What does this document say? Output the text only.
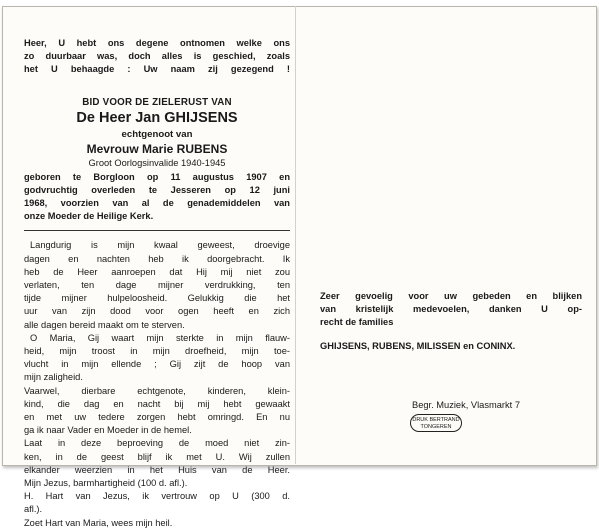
Heer, U hebt ons degene ontnomen welke ons

zo duurbaar was, doch alles is geschied, zoals

het U behaagde : Uw naam zij gezegend !

BID VOOR DE ZIELERUST VAN
De Heer Jan GHIJSENS
echtgenoot van
Mevrouw Marie RUBENS
Groot Oorlogsinvalide 1940-1945

geboren te Borgloon op 11 augustus 1907 en

godvruchtig overleden te Jesseren op 12 juni

1968, voorzien van al de genademiddelen van

onze Moeder de Heilige Kerk.

Langdurig is mijn kwaal geweest, droevige

dagen en nachten heb ik doorgebracht. Ik

heb de Heer aanroepen dat Hij mij niet zou

verlaten, ten dage mijner verdrukking, ten

tijde mijner hulpeloosheid. Gelukkig die het

uur van zijn dood voor ogen heeft en zich

alle dagen bereid maakt om te sterven.

O Maria, Gij waart mijn sterkte in mijn flauw-

heid, mijn troost in mijn droefheid, mijn toe-

vlucht in mijn ellende ; Gij zijt de hoop van

mijn zaligheid.

Vaarwel, dierbare echtgenote, kinderen, klein-

kind, die dag en nacht bij mij hebt gewaakt

en met uw tedere zorgen hebt omringd. En nu

ga ik naar Vader en Moeder in de hemel.

Laat in deze beproeving de moed niet zin-

ken, in de geest blijf ik met U. Wij zullen

elkander weerzien in het Huis van de Heer.

Mijn Jezus, barmhartigheid (100 d. afl.).

H. Hart van Jezus, ik vertrouw op U (300 d.

afl.).

Zoet Hart van Maria, wees mijn heil.

Zeer gevoelig voor uw gebeden en blijken

van kristelijk medevoelen, danken U op-

recht de families

GHIJSENS, RUBENS, MILISSEN en CONINX.
Begr. Muziek, Vlasmarkt 7
DRUK BERTRAND
TONGEREN
